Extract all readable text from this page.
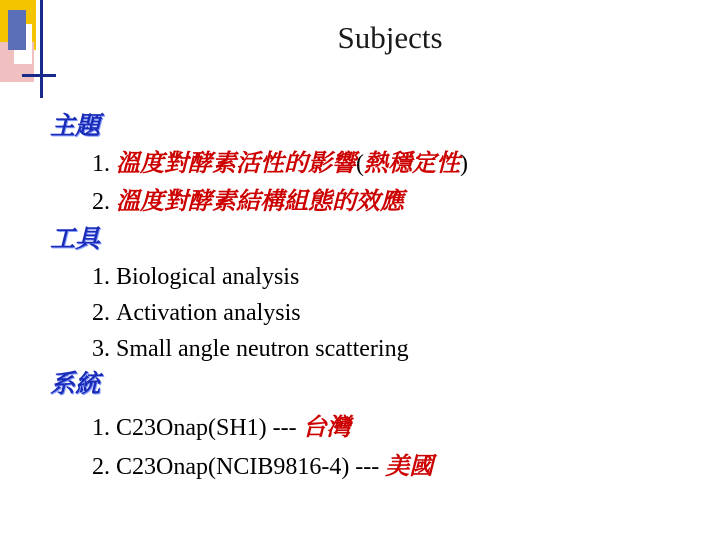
Subjects
主題
1. 溫度對酵素活性的影響(熱穩定性)
2. 溫度對酵素結構組態的效應
工具
1. Biological analysis
2. Activation analysis
3. Small angle neutron scattering
系統
1. C23Onap(SH1) --- 台灣
2. C23Onap(NCIB9816-4) --- 美國
